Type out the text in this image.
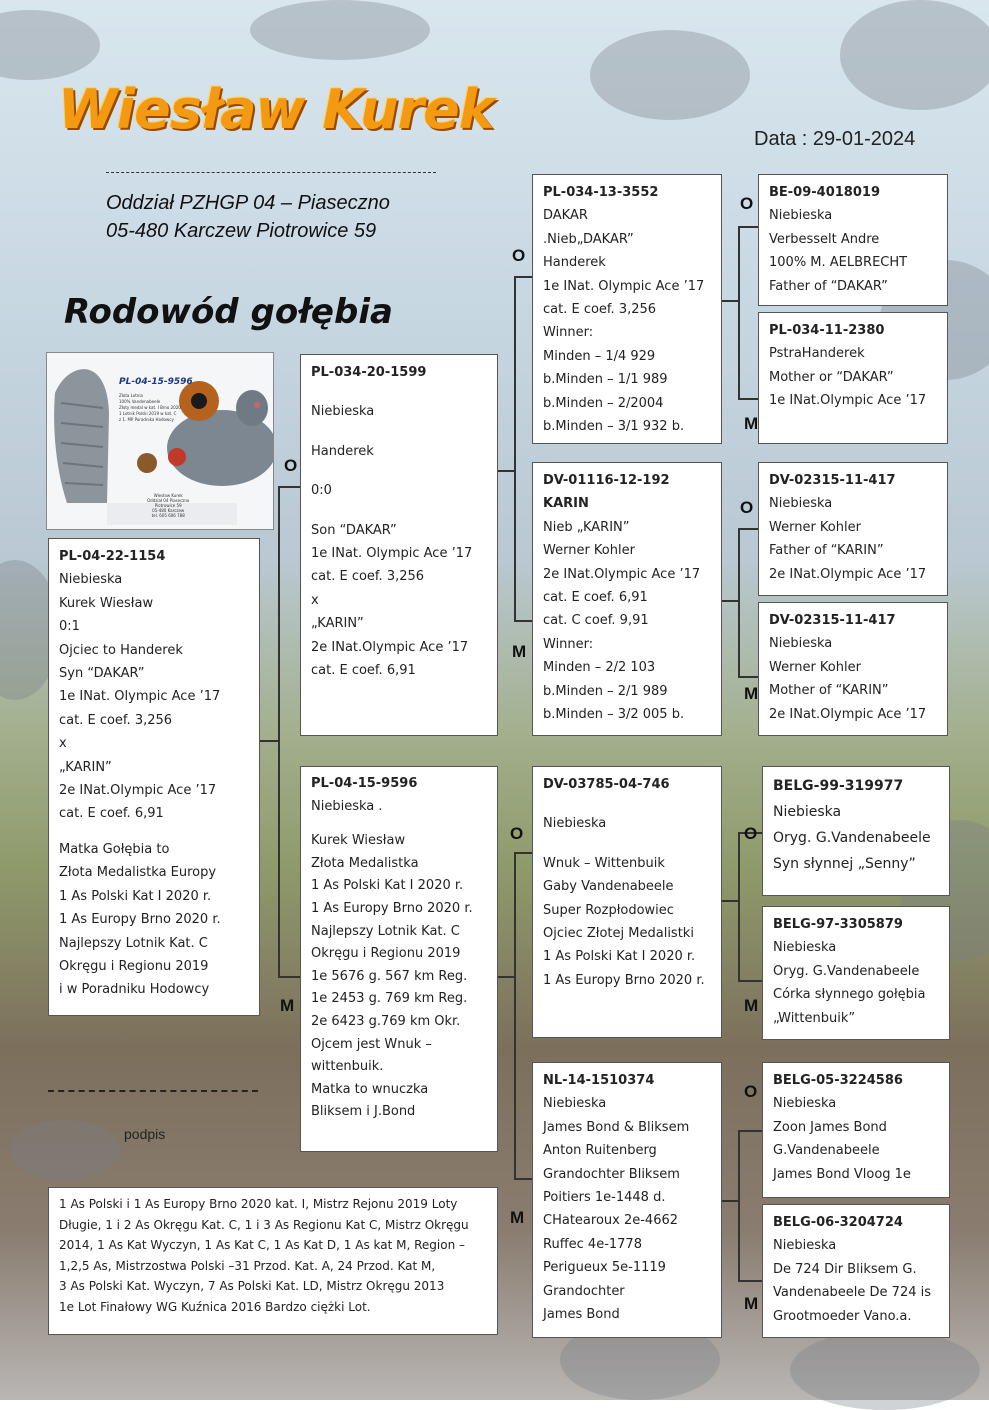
Wiesław Kurek	Data : 29-01-2024
Oddział PZHGP 04 – Piaseczno
05-480 Karczew Piotrowice 59
Rodowód gołębia
PL-04-15-9596
Złota Lotnia
100% Vandenabeele
Złoty medal w kat. I Brno 2020
1 Lotnik Polski 2019 w kat. C
z 1. MP Poradnika Hodowcy
Wiesław Kurek
Oddział 04 Piaseczno
Piotrowice 59
05-480 Karczew
tel. 605 606 788
O
M
O
M
O
M
O
M
O
M
O
M
O
M
PL-04-22-1154
Niebieska
Kurek Wiesław
0:1
Ojciec to Handerek
Syn “DAKAR”
1e INat. Olympic Ace ’17
cat. E coef. 3,256
x
„KARIN”
2e INat.Olympic Ace ’17
cat. E coef. 6,91
Matka Gołębia to
Złota Medalistka Europy
1 As Polski Kat I 2020 r.
1 As Europy Brno 2020 r.
Najlepszy Lotnik Kat. C
Okręgu i Regionu 2019
i w Poradniku Hodowcy
PL-034-20-1599
Niebieska
Handerek
0:0
Son “DAKAR”
1e INat. Olympic Ace ’17
cat. E coef. 3,256
x
„KARIN”
2e INat.Olympic Ace ’17
cat. E coef. 6,91
PL-04-15-9596
Niebieska .
Kurek Wiesław
Złota Medalistka
1 As Polski Kat I 2020 r.
1 As Europy Brno 2020 r.
Najlepszy Lotnik Kat. C
Okręgu i Regionu 2019
1e 5676 g. 567 km Reg.
1e 2453 g. 769 km Reg.
2e 6423 g.769 km Okr.
Ojcem jest Wnuk –
wittenbuik.
Matka to wnuczka
Bliksem i J.Bond
PL-034-13-3552
DAKAR
.Nieb„DAKAR”
Handerek
1e INat. Olympic Ace ’17
cat. E coef. 3,256
Winner:
Minden – 1/4 929
b.Minden – 1/1 989
b.Minden – 2/2004
b.Minden – 3/1 932 b.
DV-01116-12-192
KARIN
Nieb „KARIN”
Werner Kohler
2e INat.Olympic Ace ’17
cat. E coef. 6,91
cat. C coef. 9,91
Winner:
Minden – 2/2 103
b.Minden – 2/1 989
b.Minden – 3/2 005 b.
DV-03785-04-746
Niebieska
Wnuk – Wittenbuik
Gaby Vandenabeele
Super Rozpłodowiec
Ojciec Złotej Medalistki
1 As Polski Kat I 2020 r.
1 As Europy Brno 2020 r.
NL-14-1510374
Niebieska
James Bond & Bliksem
Anton Ruitenberg
Grandochter Bliksem
Poitiers 1e-1448 d.
CHatearoux 2e-4662
Ruffec 4e-1778
Perigueux 5e-1119
Grandochter
James Bond
BE-09-4018019
Niebieska
Verbesselt Andre
100% M. AELBRECHT
Father of “DAKAR”
PL-034-11-2380
PstraHanderek
Mother or “DAKAR”
1e INat.Olympic Ace ’17
DV-02315-11-417
Niebieska
Werner Kohler
Father of “KARIN”
2e INat.Olympic Ace ’17
DV-02315-11-417
Niebieska
Werner Kohler
Mother of “KARIN”
2e INat.Olympic Ace ’17
BELG-99-319977
Niebieska
Oryg. G.Vandenabeele
Syn słynnej „Senny”
BELG-97-3305879
Niebieska
Oryg. G.Vandenabeele
Córka słynnego gołębia
„Wittenbuik”
BELG-05-3224586
Niebieska
Zoon James Bond
G.Vandenabeele
James Bond Vloog 1e
BELG-06-3204724
Niebieska
De 724 Dir Bliksem G.
Vandenabeele De 724 is
Grootmoeder Vano.a.
podpis
1 As Polski i 1 As Europy Brno 2020 kat. I, Mistrz Rejonu 2019 Loty
Długie, 1 i 2 As Okręgu Kat. C, 1 i 3 As Regionu Kat C, Mistrz Okręgu
2014, 1 As Kat Wyczyn, 1 As Kat C, 1 As Kat D, 1 As kat M, Region –
1,2,5 As, Mistrzostwa Polski –31 Przod. Kat. A, 24 Przod. Kat M,
3 As Polski Kat. Wyczyn, 7 As Polski Kat. LD, Mistrz Okręgu 2013
1e Lot Finałowy WG Kuźnica 2016 Bardzo ciężki Lot.
